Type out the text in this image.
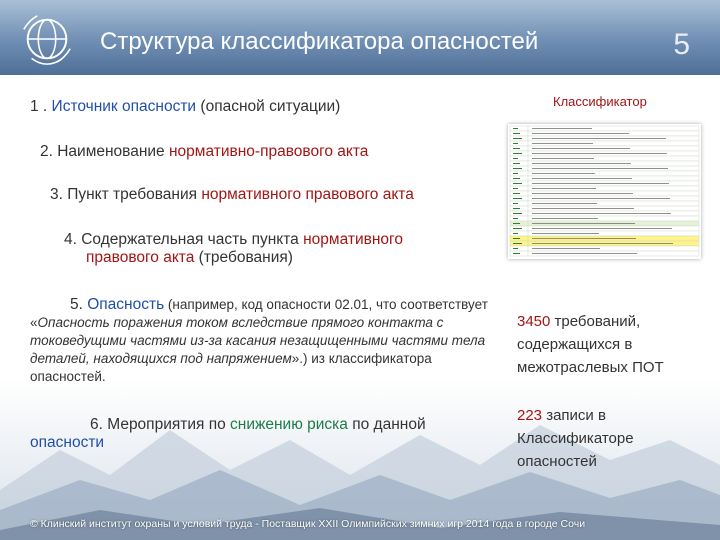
Структура классификатора опасностей	5
1 . Источник опасности (опасной ситуации)
2. Наименование нормативно-правового акта
3. Пункт требования нормативного правового акта
4. Содержательная часть пункта нормативного
правового акта (требования)
5. Опасность (например, код опасности 02.01, что соответствует «Опасность поражения током вследствие прямого контакта с токоведущими частями из-за касания незащищенными частями тела деталей, находящихся под напряжением».) из классификатора опасностей.
6. Мероприятия по снижению риска по данной опасности
Классификатор
3450 требований,
содержащихся в
межотраслевых ПОТ
223 записи в
Классификаторе
опасностей
© Клинский институт охраны и условий труда - Поставщик XXII Олимпийских зимних игр 2014 года в городе Сочи
